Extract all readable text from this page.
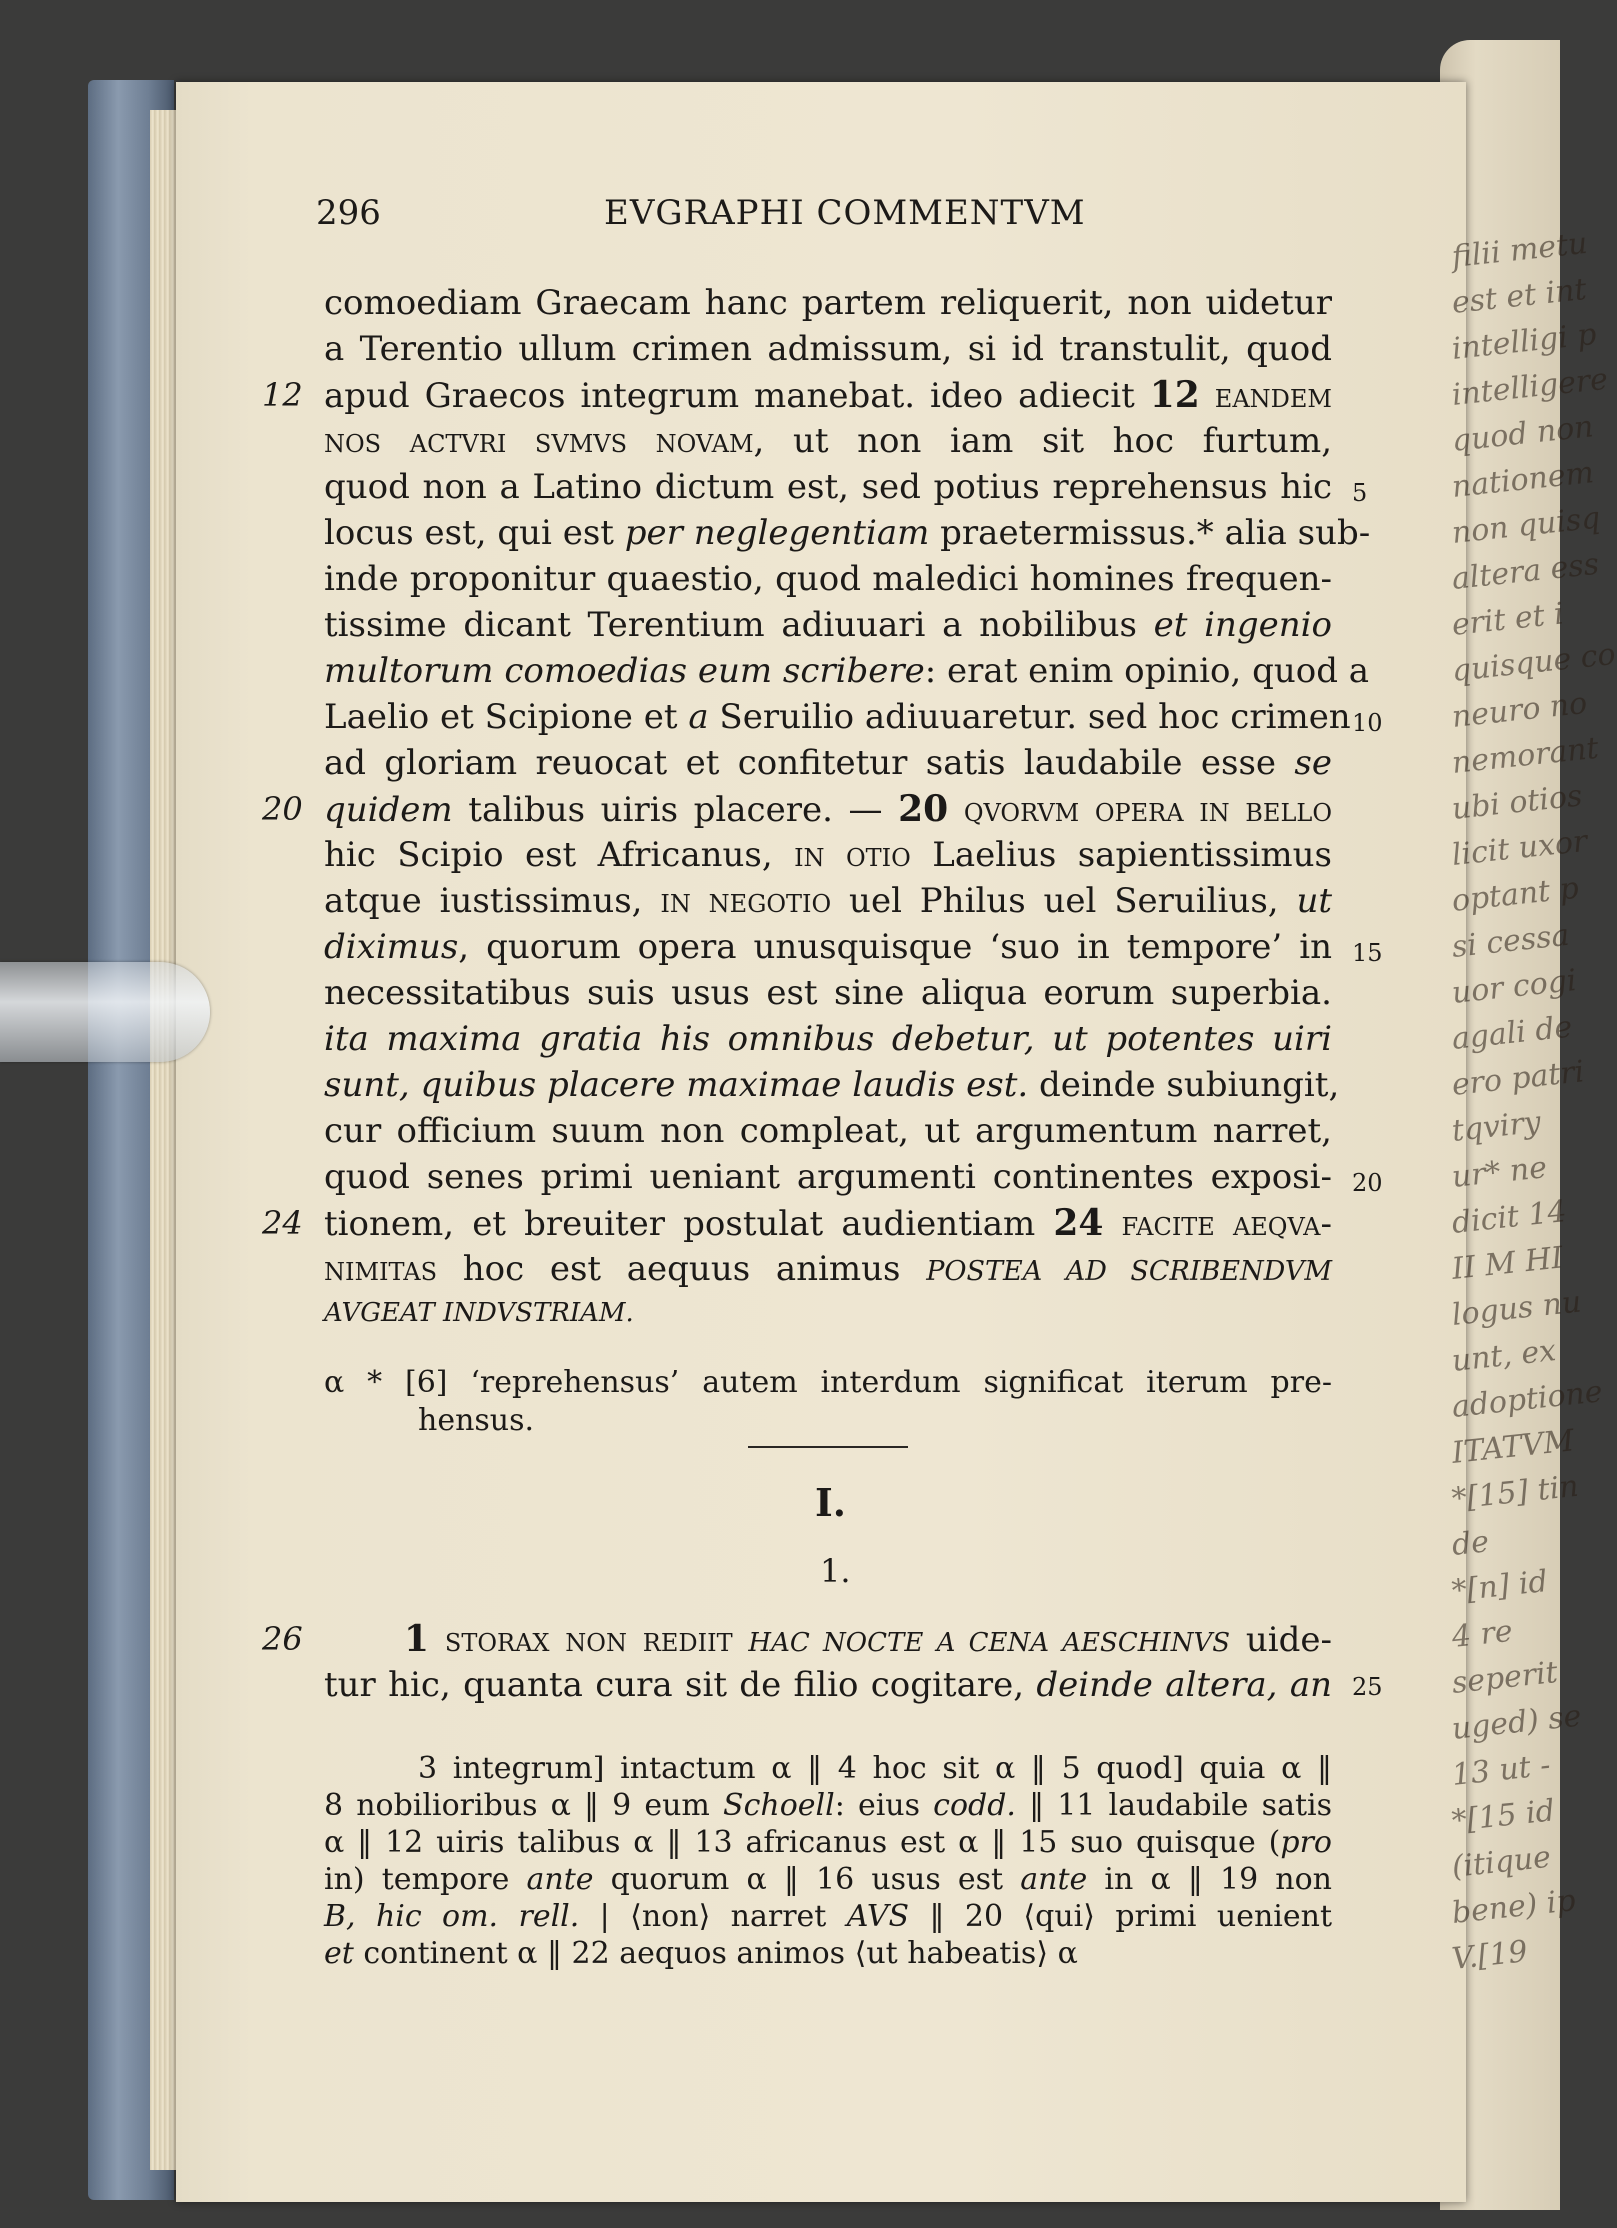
filii metu
est et int
intelligi p
intelligere
quod non
nationem
non quisq
altera ess
erit et i
quisque co
neuro no
nemorant
ubi otios
licit uxor
optant p
si cessa
uor cogi
agali de
ero patri
tqviry
ur* ne
dicit 14
II M HI
logus nu
unt, ex
adoptione
ITATVM
*[15] tin
de
*[n] id
4 re
seperit
uged) se
13 ut -
*[15 id
(itique
bene) ip
V.[19
296	EVGRAPHI COMMENTVM
comoediam Graecam hanc partem reliquerit, non uidetur
a Terentio ullum crimen admissum, si id transtulit, quod
apud Graecos integrum manebat. ideo adiecit 12 eandem
nos actvri svmvs novam, ut non iam sit hoc furtum,
quod non a Latino dictum est, sed potius reprehensus hic
locus est, qui est per neglegentiam praetermissus.* alia sub-
inde proponitur quaestio, quod maledici homines frequen-
tissime dicant Terentium adiuuari a nobilibus et ingenio
multorum comoedias eum scribere: erat enim opinio, quod a
Laelio et Scipione et a Seruilio adiuuaretur. sed hoc crimen
ad gloriam reuocat et confitetur satis laudabile esse se
quidem talibus uiris placere. — 20 qvorvm opera in bello
hic Scipio est Africanus, in otio Laelius sapientissimus
atque iustissimus, in negotio uel Philus uel Seruilius, ut
diximus, quorum opera unusquisque ‘suo in tempore’ in
necessitatibus suis usus est sine aliqua eorum superbia.
ita maxima gratia his omnibus debetur, ut potentes uiri
sunt, quibus placere maximae laudis est. deinde subiungit,
cur officium suum non compleat, ut argumentum narret,
quod senes primi ueniant argumenti continentes exposi-
tionem, et breuiter postulat audientiam 24 facite aeqva-
nimitas hoc est aequus animus POSTEA AD SCRIBENDVM
AVGEAT INDVSTRIAM.
12
20
24
26
5
10
15
20
25
α * [6] ‘reprehensus’ autem interdum significat iterum pre-
hensus.
I.
1.
1 storax non rediit HAC NOCTE A CENA AESCHINVS uide-
tur hic, quanta cura sit de filio cogitare, deinde altera, an
3 integrum] intactum α ‖ 4 hoc sit α ‖ 5 quod] quia α ‖
8 nobilioribus α ‖ 9 eum Schoell: eius codd. ‖ 11 laudabile satis
α ‖ 12 uiris talibus α ‖ 13 africanus est α ‖ 15 suo quisque (pro
in) tempore ante quorum α ‖ 16 usus est ante in α ‖ 19 non
B, hic om. rell. | ⟨non⟩ narret AVS ‖ 20 ⟨qui⟩ primi uenient
et continent α ‖ 22 aequos animos ⟨ut habeatis⟩ α
